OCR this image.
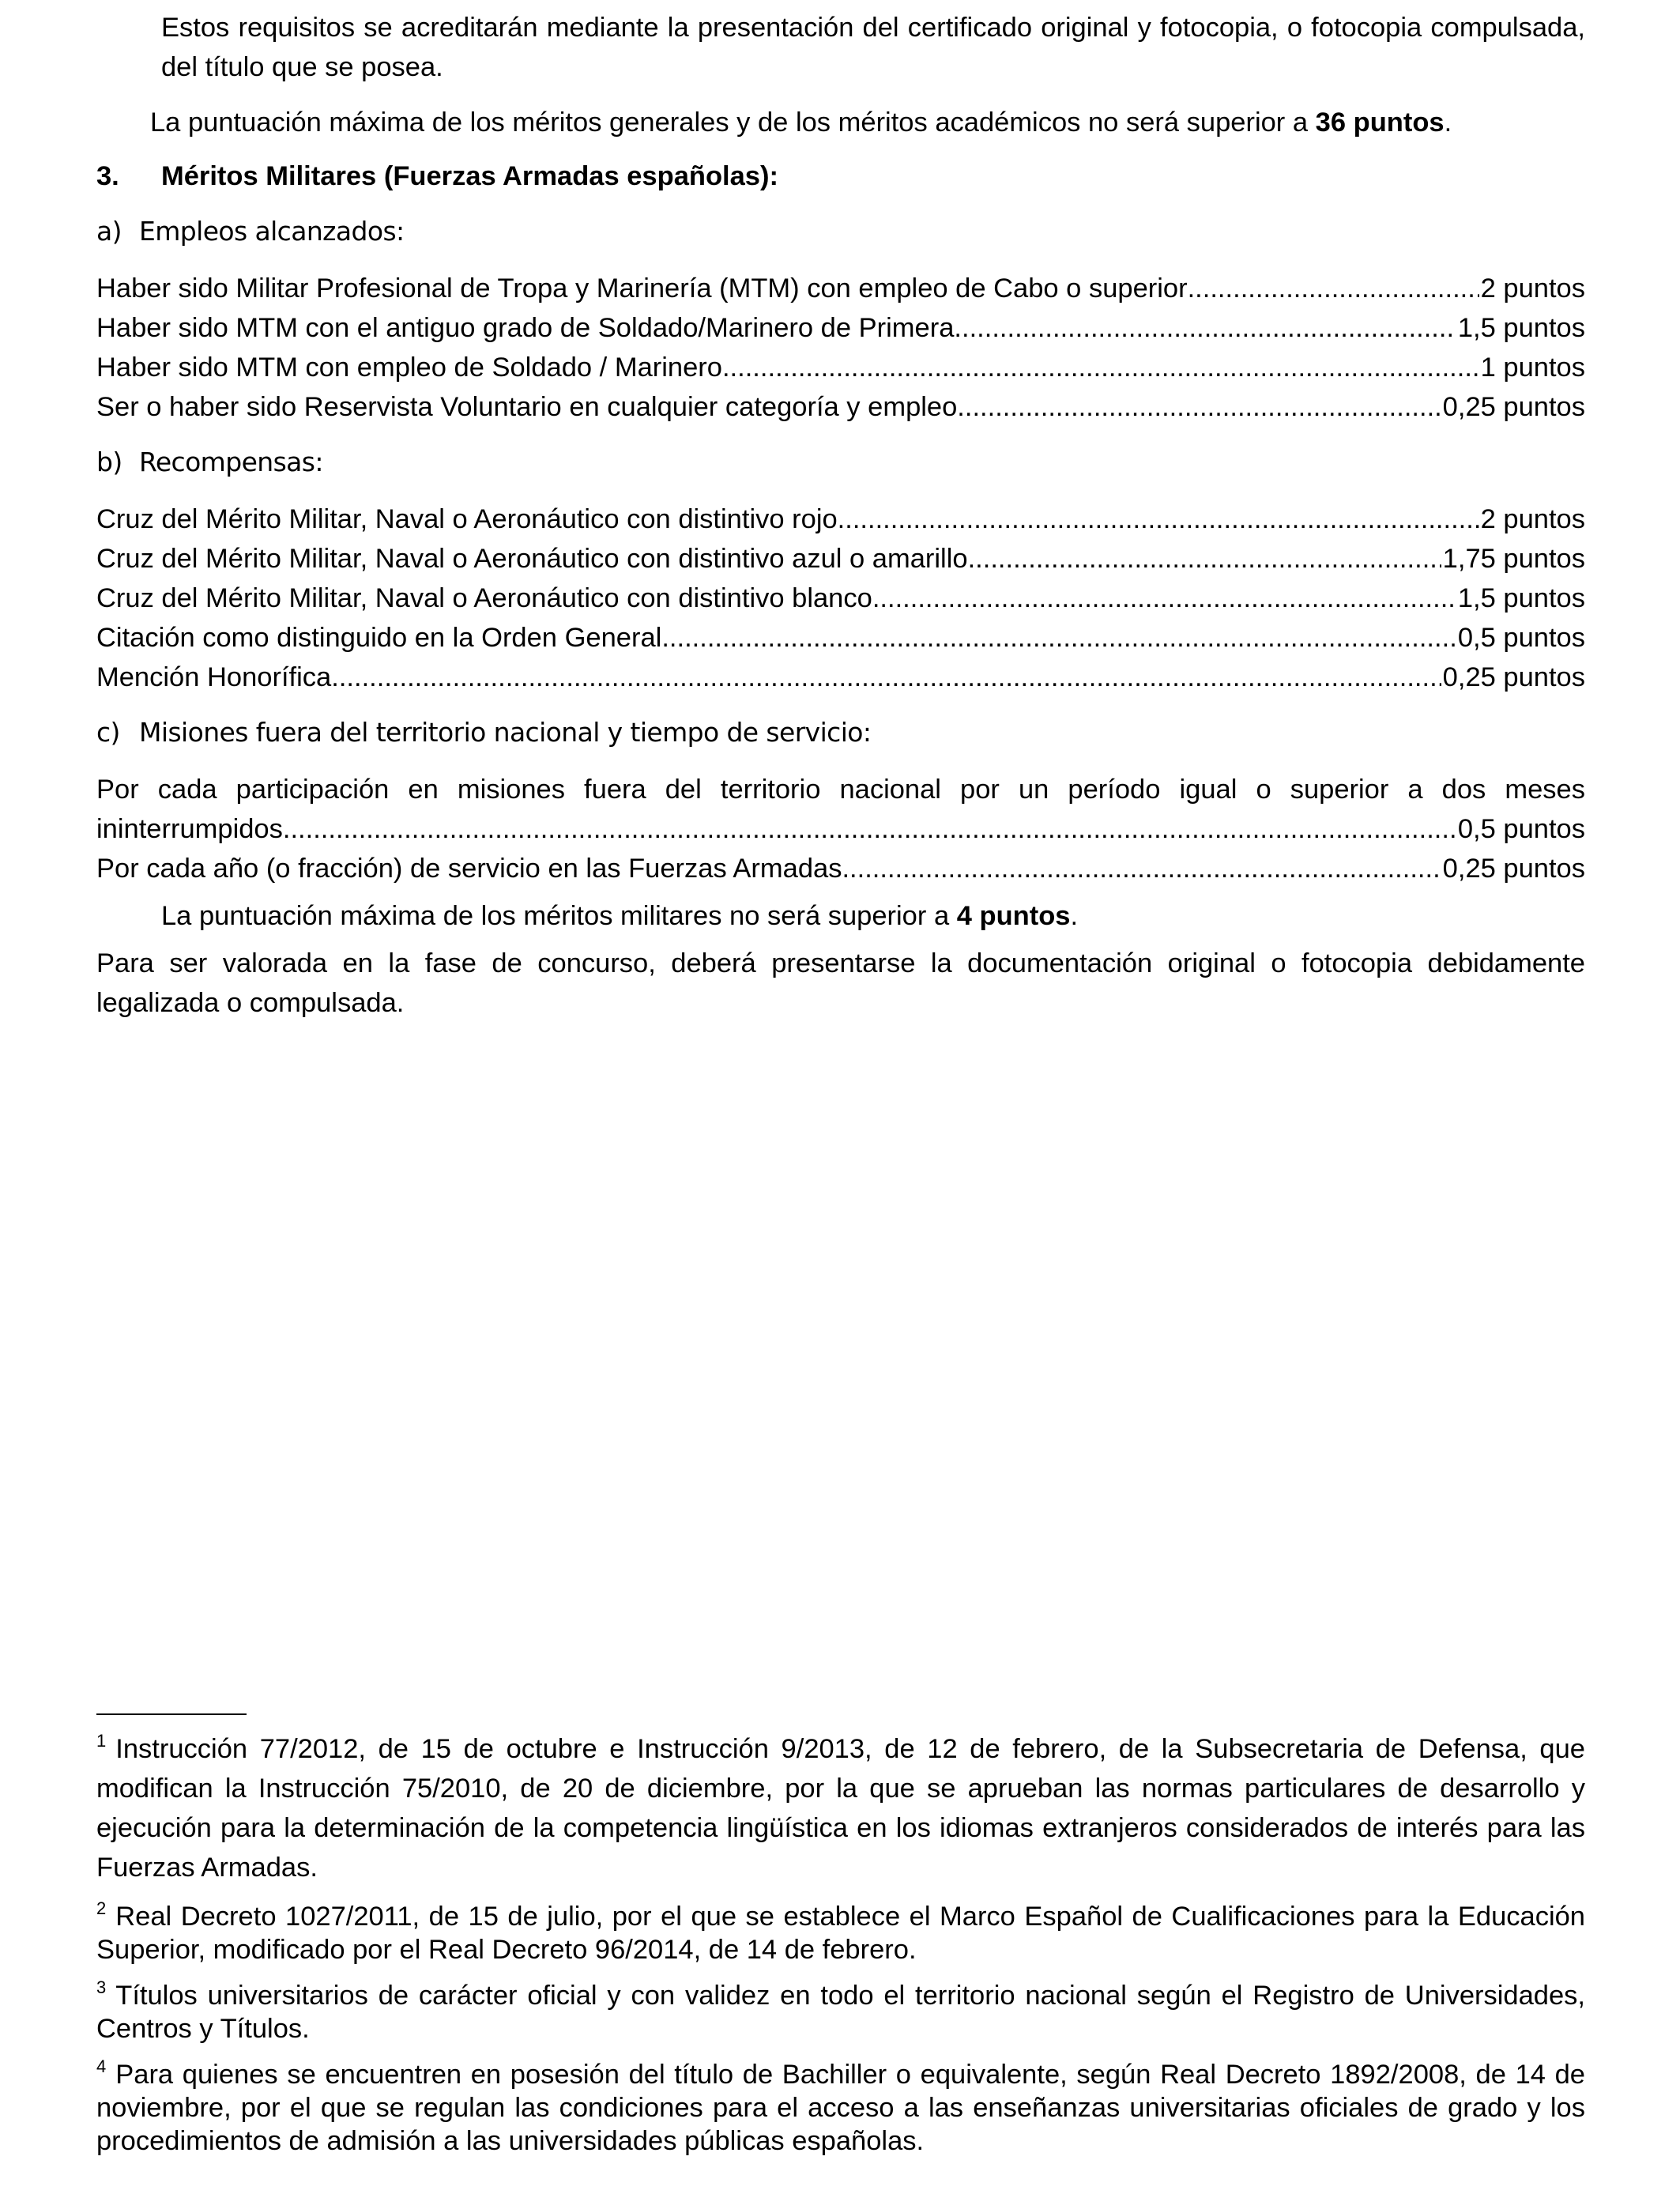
Estos requisitos se acreditarán mediante la presentación del certificado original y fotocopia, o fotocopia compulsada, del título que se posea.
La puntuación máxima de los méritos generales y de los méritos académicos no será superior a 36 puntos.
3.	Méritos Militares (Fuerzas Armadas españolas):
a) Empleos alcanzados:
Haber sido Militar Profesional de Tropa y Marinería (MTM) con empleo de Cabo o superior .....	2 puntos
Haber sido MTM con el antiguo grado de Soldado/Marinero de Primera .....	1,5 puntos
Haber sido MTM con empleo de Soldado / Marinero .....	1 puntos
Ser o haber sido Reservista Voluntario en cualquier categoría y empleo .....	0,25 puntos
b) Recompensas:
Cruz del Mérito Militar, Naval o Aeronáutico con distintivo rojo .....	2 puntos
Cruz del Mérito Militar, Naval o Aeronáutico con distintivo azul o amarillo .....	1,75 puntos
Cruz del Mérito Militar, Naval o Aeronáutico con distintivo blanco .....	1,5 puntos
Citación como distinguido en la Orden General .....	0,5 puntos
Mención Honorífica .....	0,25 puntos
c) Misiones fuera del territorio nacional y tiempo de servicio:
Por cada participación en misiones fuera del territorio nacional por un período igual o superior a dos meses
ininterrumpidos .....	0,5 puntos
Por cada año (o fracción) de servicio en las Fuerzas Armadas .....	0,25 puntos
La puntuación máxima de los méritos militares no será superior a 4 puntos.
Para ser valorada en la fase de concurso, deberá presentarse la documentación original o fotocopia debidamente legalizada o compulsada.
$^1$ Instrucción 77/2012, de 15 de octubre e Instrucción 9/2013, de 12 de febrero, de la Subsecretaria de Defensa, que modifican la Instrucción 75/2010, de 20 de diciembre, por la que se aprueban las normas particulares de desarrollo y ejecución para la determinación de la competencia lingüística en los idiomas extranjeros considerados de interés para las Fuerzas Armadas.
$^2$ Real Decreto 1027/2011, de 15 de julio, por el que se establece el Marco Español de Cualificaciones para la Educación Superior, modificado por el Real Decreto 96/2014, de 14 de febrero.
$^3$ Títulos universitarios de carácter oficial y con validez en todo el territorio nacional según el Registro de Universidades, Centros y Títulos.
$^4$ Para quienes se encuentren en posesión del título de Bachiller o equivalente, según Real Decreto 1892/2008, de 14 de noviembre, por el que se regulan las condiciones para el acceso a las enseñanzas universitarias oficiales de grado y los procedimientos de admisión a las universidades públicas españolas.
